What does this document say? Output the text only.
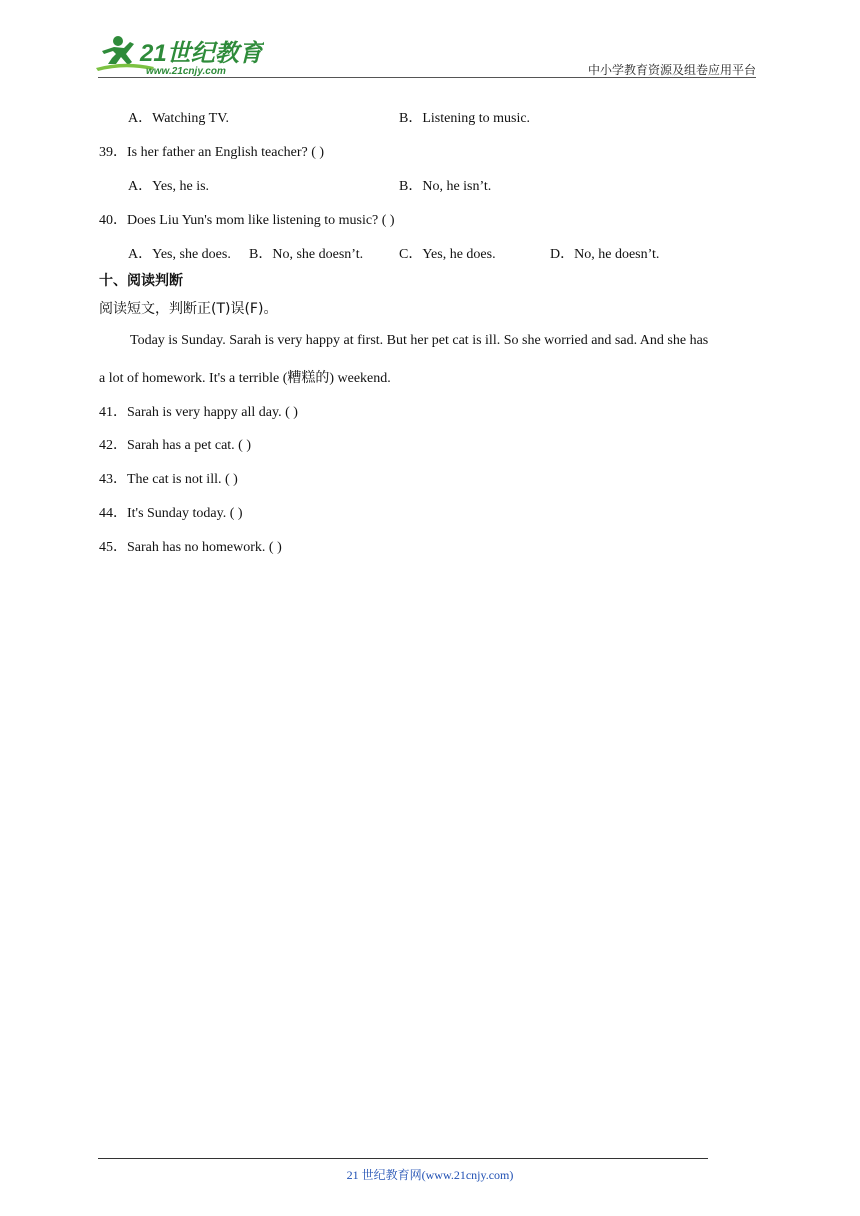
21世纪教育
www.21cnjy.com	中小学教育资源及组卷应用平台
A．Watching TV.	B．Listening to music.
39．Is her father an English teacher? ( )
A．Yes, he is.	B．No, he isn’t.
40．Does Liu Yun's mom like listening to music? ( )
A．Yes, she does. B．No, she doesn’t.	C．Yes, he does.	D．No, he doesn’t.
十、阅读判断
阅读短文，判断正(T)误(F)。
Today is Sunday. Sarah is very happy at first. But her pet cat is ill. So she worried and sad. And she has
a lot of homework. It's a terrible (糟糕的) weekend.
41．Sarah is very happy all day. ( )
42．Sarah has a pet cat. ( )
43．The cat is not ill. ( )
44．It's Sunday today. ( )
45．Sarah has no homework. ( )
21 世纪教育网(www.21cnjy.com)
